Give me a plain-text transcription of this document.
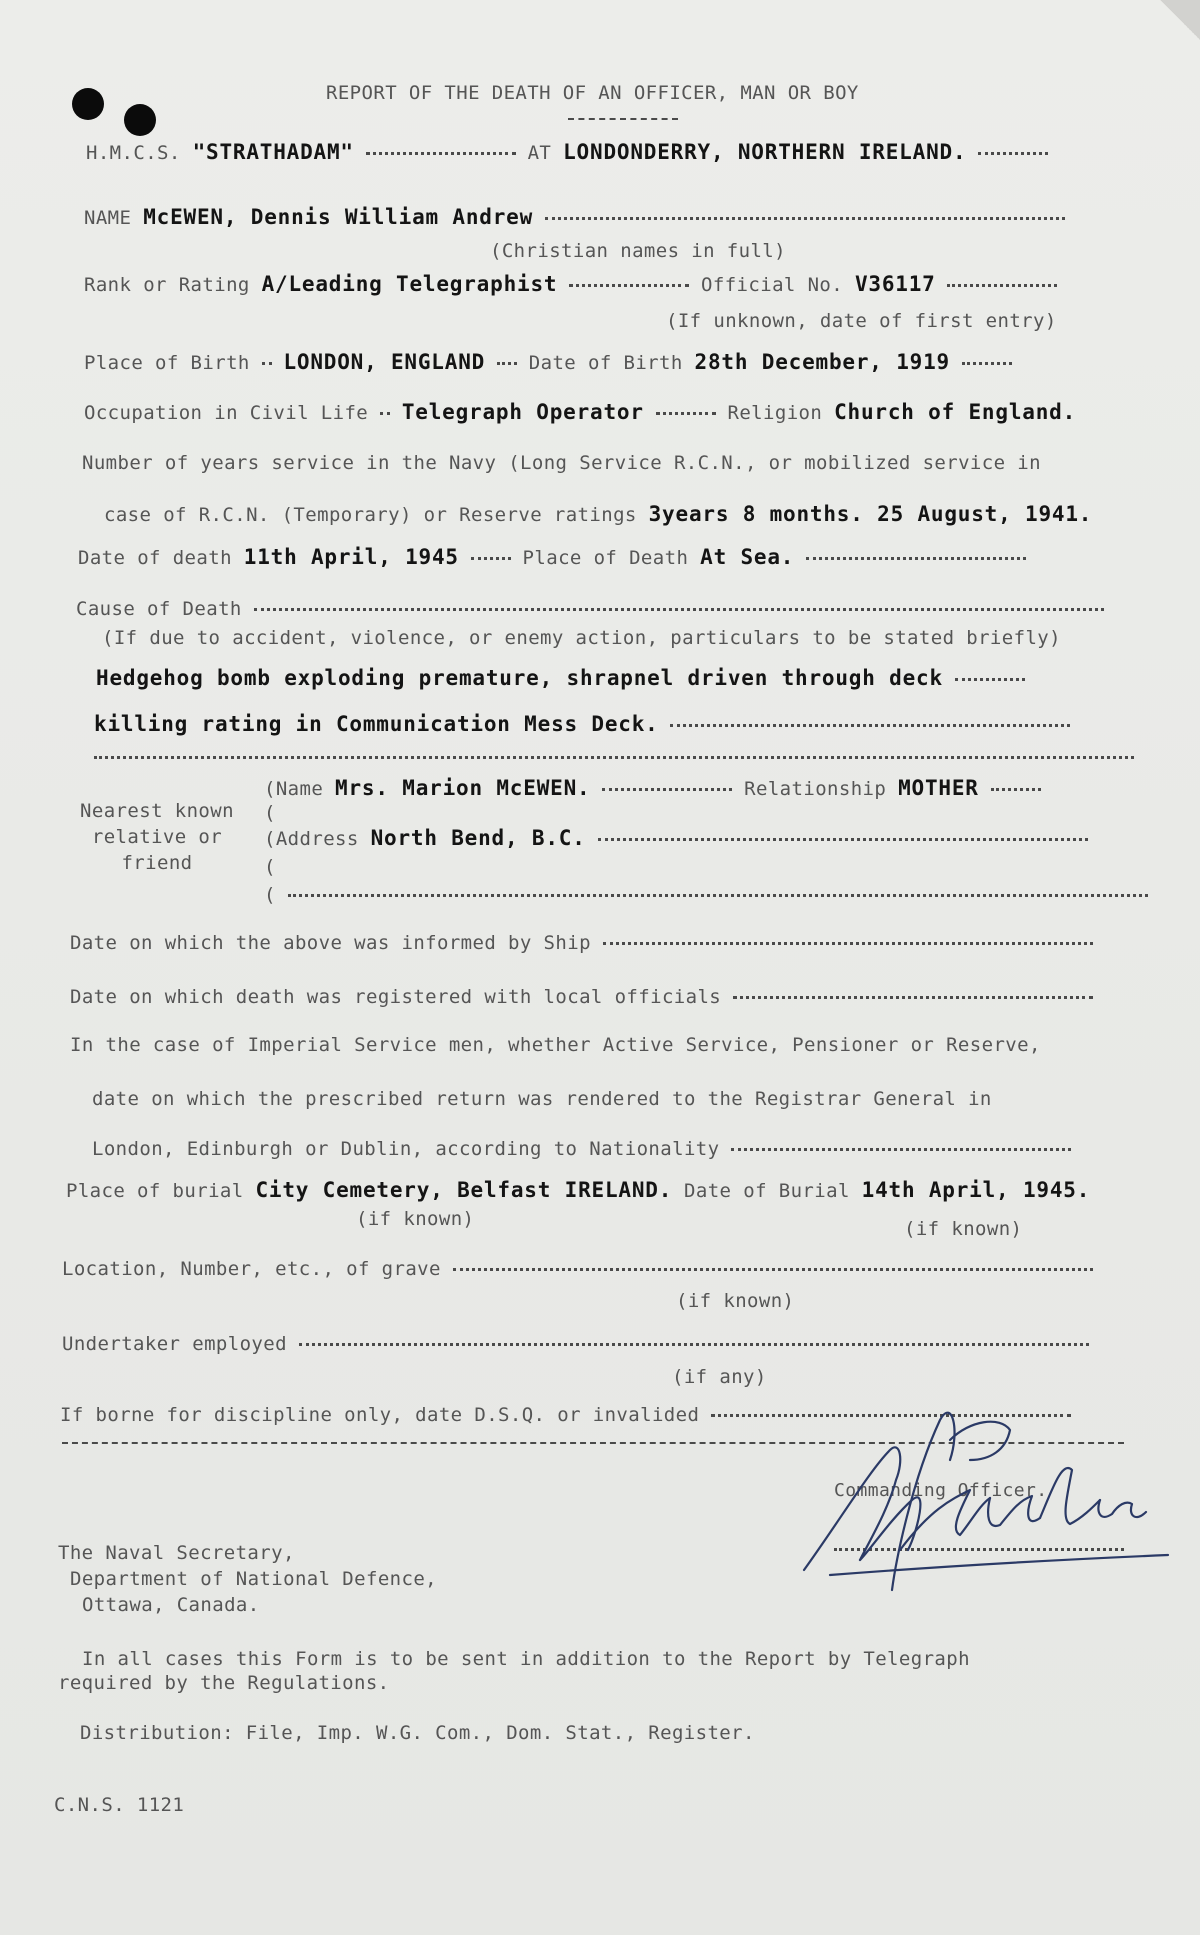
REPORT OF THE DEATH OF AN OFFICER, MAN OR BOY
H.M.C.S. "STRATHADAM"	AT LONDONDERRY, NORTHERN IRELAND.
NAME McEWEN, Dennis William Andrew
(Christian names in full)
Rank or Rating A/Leading Telegraphist	Official No. V36117
(If unknown, date of first entry)
Place of Birth LONDON, ENGLAND Date of Birth 28th December, 1919
Occupation in Civil Life Telegraph Operator	Religion Church of England.
Number of years service in the Navy (Long Service R.C.N., or mobilized service in
case of R.C.N. (Temporary) or Reserve ratings 3years 8 months. 25 August, 1941.
Date of death 11th April, 1945	Place of Death At Sea.
Cause of Death
(If due to accident, violence, or enemy action, particulars to be stated briefly)
Hedgehog bomb exploding premature, shrapnel driven through deck
killing rating in Communication Mess Deck.
Nearest known
relative or
friend
(Name Mrs. Marion McEWEN.	Relationship MOTHER
(
(Address North Bend, B.C.
(
(
Date on which the above was informed by Ship
Date on which death was registered with local officials
In the case of Imperial Service men, whether Active Service, Pensioner or Reserve,
date on which the prescribed return was rendered to the Registrar General in
London, Edinburgh or Dublin, according to Nationality
Place of burial City Cemetery, Belfast IRELAND. Date of Burial 14th April, 1945.
(if known)	(if known)
Location, Number, etc., of grave
(if known)
Undertaker employed
(if any)
If borne for discipline only, date D.S.Q. or invalided
Commanding Officer.
The Naval Secretary,
Department of National Defence,
Ottawa, Canada.
In all cases this Form is to be sent in addition to the Report by Telegraph
required by the Regulations.
Distribution: File, Imp. W.G. Com., Dom. Stat., Register.
C.N.S. 1121
